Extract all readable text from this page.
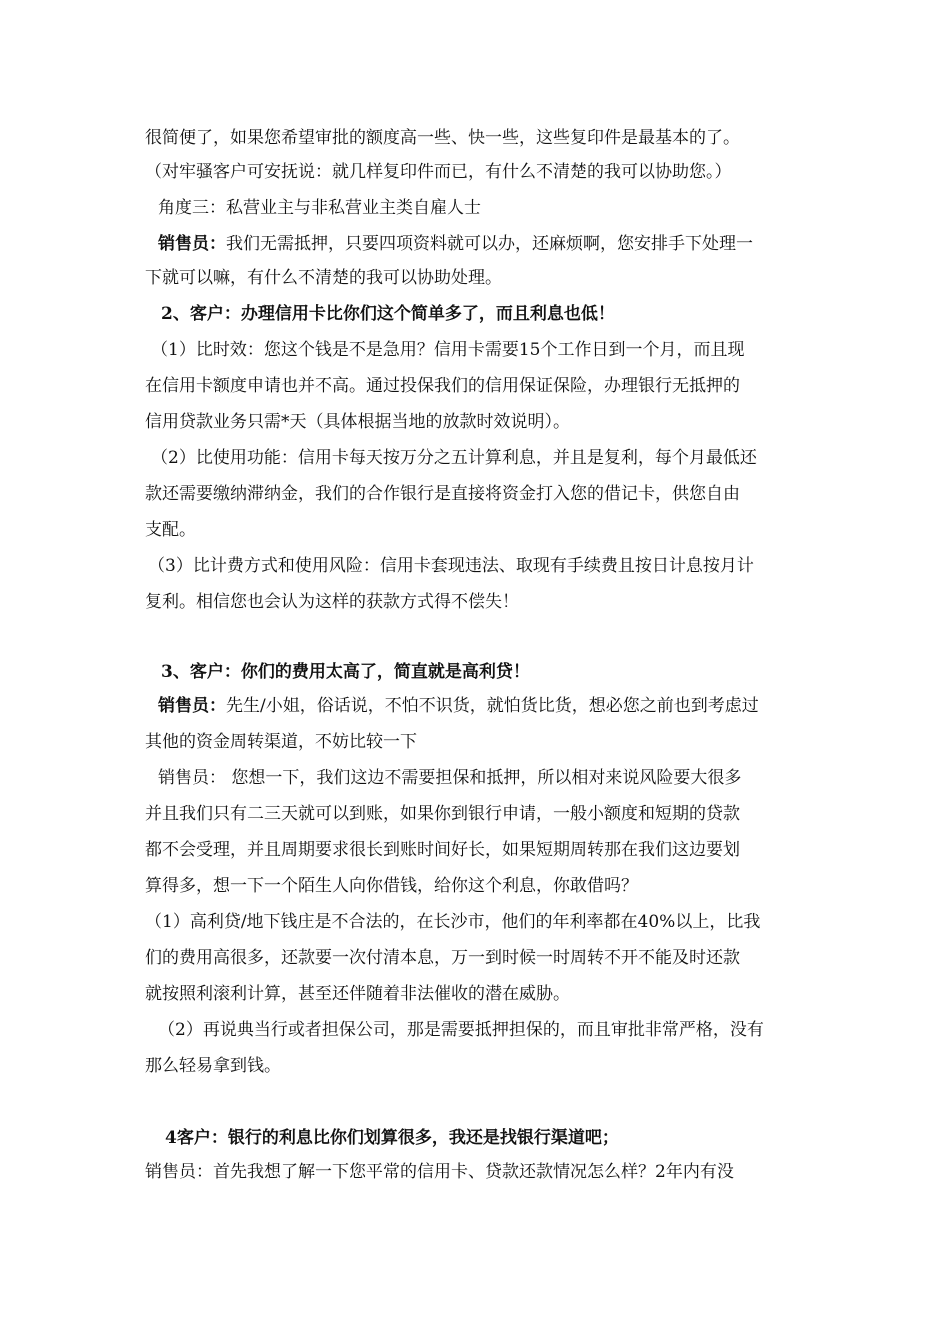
很简便了，如果您希望审批的额度高一些、快一些，这些复印件是最基本的了。
（对牢骚客户可安抚说：就几样复印件而已，有什么不清楚的我可以协助您。）
角度三：私营业主与非私营业主类自雇人士
销售员：我们无需抵押，只要四项资料就可以办，还麻烦啊，您安排手下处理一
下就可以嘛，有什么不清楚的我可以协助处理。
2、客户：办理信用卡比你们这个简单多了，而且利息也低！
（1）比时效：您这个钱是不是急用？信用卡需要15个工作日到一个月，而且现
在信用卡额度申请也并不高。通过投保我们的信用保证保险，办理银行无抵押的
信用贷款业务只需*天（具体根据当地的放款时效说明）。
（2）比使用功能：信用卡每天按万分之五计算利息，并且是复利，每个月最低还
款还需要缴纳滞纳金，我们的合作银行是直接将资金打入您的借记卡，供您自由
支配。
（3）比计费方式和使用风险：信用卡套现违法、取现有手续费且按日计息按月计
复利。相信您也会认为这样的获款方式得不偿失！
3、客户：你们的费用太高了，简直就是高利贷！
销售员：先生/小姐，俗话说，不怕不识货，就怕货比货，想必您之前也到考虑过
其他的资金周转渠道，不妨比较一下
销售员： 您想一下，我们这边不需要担保和抵押，所以相对来说风险要大很多
并且我们只有二三天就可以到账，如果你到银行申请，一般小额度和短期的贷款
都不会受理，并且周期要求很长到账时间好长，如果短期周转那在我们这边要划
算得多，想一下一个陌生人向你借钱，给你这个利息，你敢借吗？
（1）高利贷/地下钱庄是不合法的，在长沙市，他们的年利率都在40%以上，比我
们的费用高很多，还款要一次付清本息，万一到时候一时周转不开不能及时还款
就按照利滚利计算，甚至还伴随着非法催收的潜在威胁。
（2）再说典当行或者担保公司，那是需要抵押担保的，而且审批非常严格，没有
那么轻易拿到钱。
4客户：银行的利息比你们划算很多，我还是找银行渠道吧；
销售员：首先我想了解一下您平常的信用卡、贷款还款情况怎么样？2年内有没
